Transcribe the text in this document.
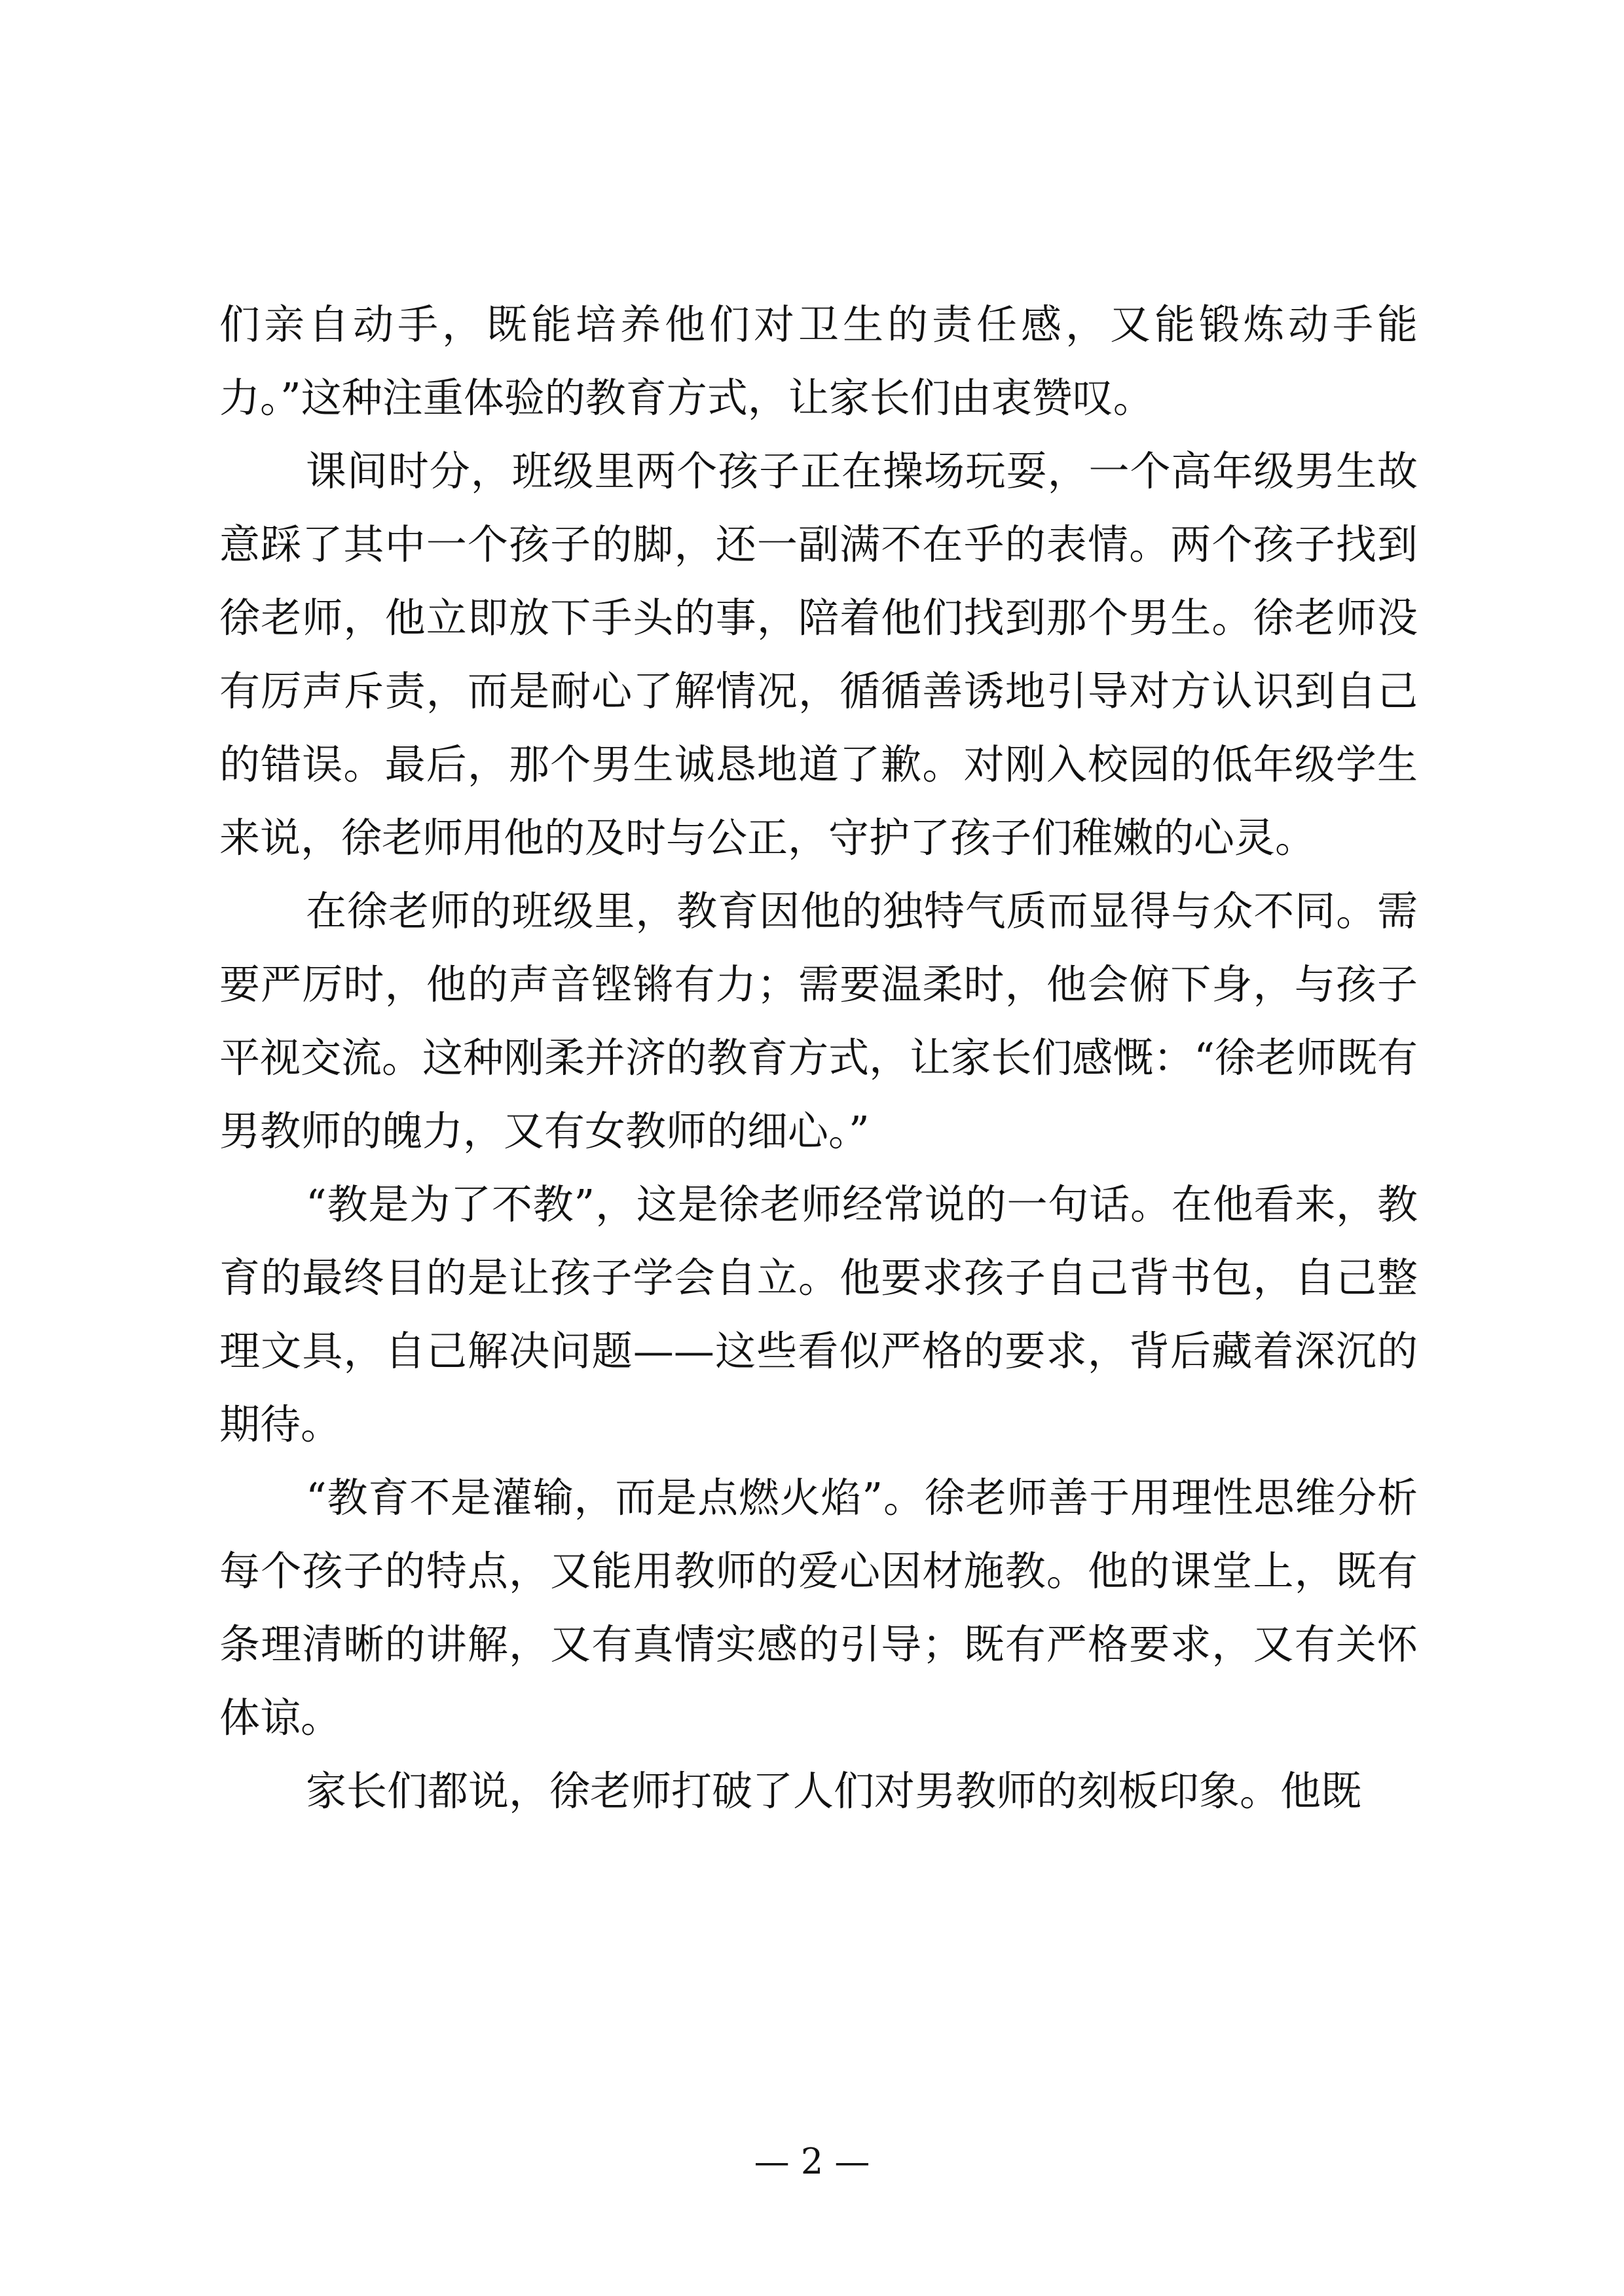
们亲自动手，既能培养他们对卫生的责任感，又能锻炼动手能力。”这种注重体验的教育方式，让家长们由衷赞叹。

课间时分，班级里两个孩子正在操场玩耍，一个高年级男生故意踩了其中一个孩子的脚，还一副满不在乎的表情。两个孩子找到徐老师，他立即放下手头的事，陪着他们找到那个男生。徐老师没有厉声斥责，而是耐心了解情况，循循善诱地引导对方认识到自己的错误。最后，那个男生诚恳地道了歉。对刚入校园的低年级学生来说，徐老师用他的及时与公正，守护了孩子们稚嫩的心灵。

在徐老师的班级里，教育因他的独特气质而显得与众不同。需要严厉时，他的声音铿锵有力；需要温柔时，他会俯下身，与孩子平视交流。这种刚柔并济的教育方式，让家长们感慨：“徐老师既有男教师的魄力，又有女教师的细心。”

“教是为了不教”，这是徐老师经常说的一句话。在他看来，教育的最终目的是让孩子学会自立。他要求孩子自己背书包，自己整理文具，自己解决问题——这些看似严格的要求，背后藏着深沉的期待。

“教育不是灌输，而是点燃火焰”。徐老师善于用理性思维分析每个孩子的特点，又能用教师的爱心因材施教。他的课堂上，既有条理清晰的讲解，又有真情实感的引导；既有严格要求，又有关怀体谅。

家长们都说，徐老师打破了人们对男教师的刻板印象。他既

— 2 —
